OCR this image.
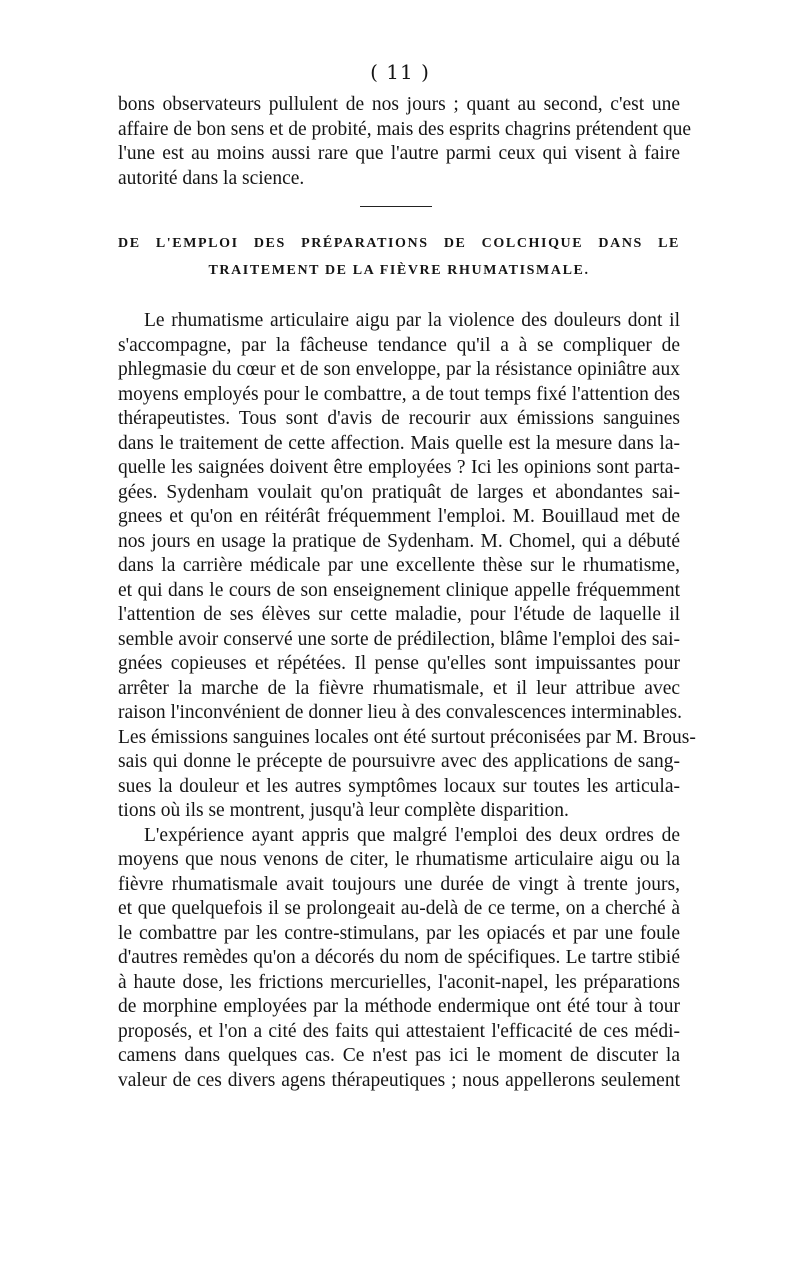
( 11 )
bons observateurs pullulent de nos jours ; quant au second, c'est une
affaire de bon sens et de probité, mais des esprits chagrins prétendent que
l'une est au moins aussi rare que l'autre parmi ceux qui visent à faire
autorité dans la science.
DE L'EMPLOI DES PRÉPARATIONS DE COLCHIQUE DANS LE
TRAITEMENT DE LA FIÈVRE RHUMATISMALE.
Le rhumatisme articulaire aigu par la violence des douleurs dont il
s'accompagne, par la fâcheuse tendance qu'il a à se compliquer de
phlegmasie du cœur et de son enveloppe, par la résistance opiniâtre aux
moyens employés pour le combattre, a de tout temps fixé l'attention des
thérapeutistes. Tous sont d'avis de recourir aux émissions sanguines
dans le traitement de cette affection. Mais quelle est la mesure dans la-
quelle les saignées doivent être employées ? Ici les opinions sont parta-
gées. Sydenham voulait qu'on pratiquât de larges et abondantes sai-
gnees et qu'on en réitérât fréquemment l'emploi. M. Bouillaud met de
nos jours en usage la pratique de Sydenham. M. Chomel, qui a débuté
dans la carrière médicale par une excellente thèse sur le rhumatisme,
et qui dans le cours de son enseignement clinique appelle fréquemment
l'attention de ses élèves sur cette maladie, pour l'étude de laquelle il
semble avoir conservé une sorte de prédilection, blâme l'emploi des sai-
gnées copieuses et répétées. Il pense qu'elles sont impuissantes pour
arrêter la marche de la fièvre rhumatismale, et il leur attribue avec
raison l'inconvénient de donner lieu à des convalescences interminables.
Les émissions sanguines locales ont été surtout préconisées par M. Brous-
sais qui donne le précepte de poursuivre avec des applications de sang-
sues la douleur et les autres symptômes locaux sur toutes les articula-
tions où ils se montrent, jusqu'à leur complète disparition.
L'expérience ayant appris que malgré l'emploi des deux ordres de
moyens que nous venons de citer, le rhumatisme articulaire aigu ou la
fièvre rhumatismale avait toujours une durée de vingt à trente jours,
et que quelquefois il se prolongeait au-delà de ce terme, on a cherché à
le combattre par les contre-stimulans, par les opiacés et par une foule
d'autres remèdes qu'on a décorés du nom de spécifiques. Le tartre stibié
à haute dose, les frictions mercurielles, l'aconit-napel, les préparations
de morphine employées par la méthode endermique ont été tour à tour
proposés, et l'on a cité des faits qui attestaient l'efficacité de ces médi-
camens dans quelques cas. Ce n'est pas ici le moment de discuter la
valeur de ces divers agens thérapeutiques ; nous appellerons seulement
